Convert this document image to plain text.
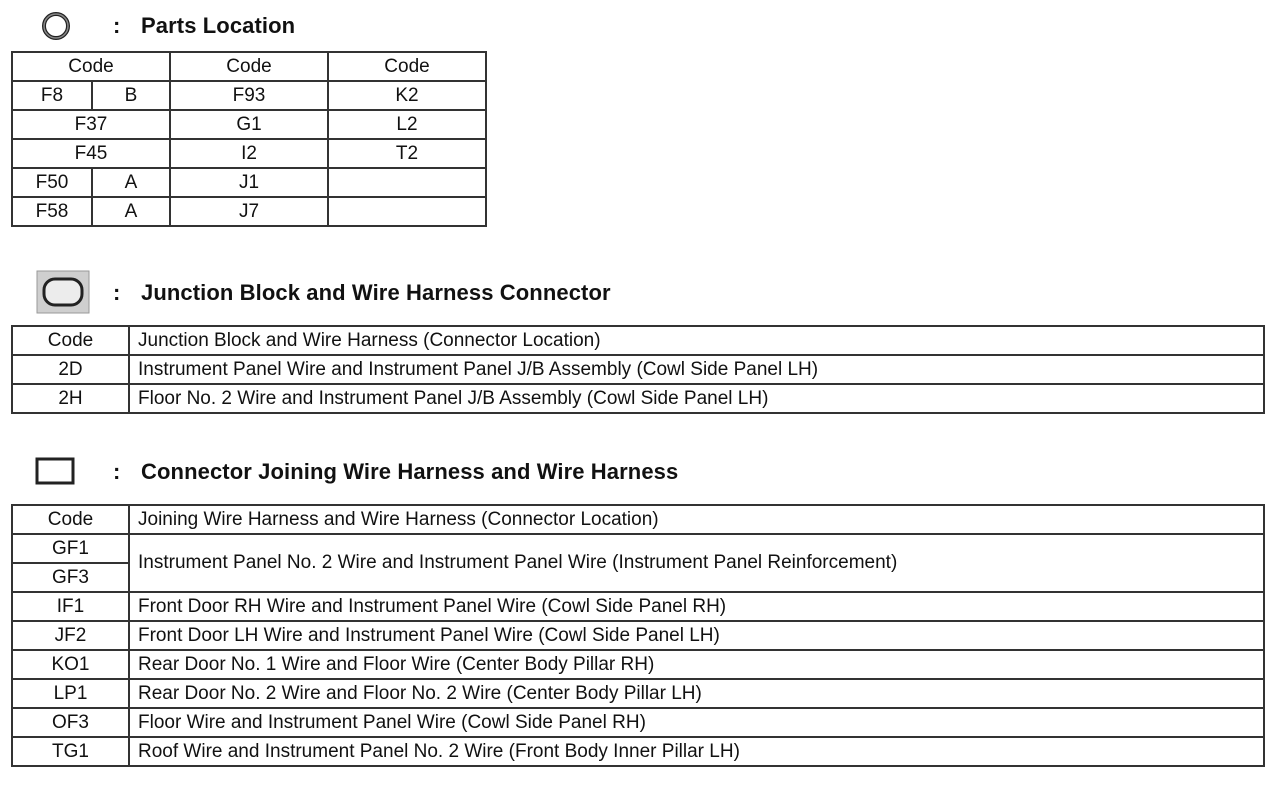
: Parts Location
Code		Code	Code
F8	B	F93	K2
F37		G1	L2
F45		I2	T2
F50	A	J1	
F58	A	J7	
: Junction Block and Wire Harness Connector
Code	Junction Block and Wire Harness (Connector Location)
2D	Instrument Panel Wire and Instrument Panel J/B Assembly (Cowl Side Panel LH)
2H	Floor No. 2 Wire and Instrument Panel J/B Assembly (Cowl Side Panel LH)
: Connector Joining Wire Harness and Wire Harness
Code	Joining Wire Harness and Wire Harness (Connector Location)
GF1	Instrument Panel No. 2 Wire and Instrument Panel Wire (Instrument Panel Reinforcement)
GF3	
IF1	Front Door RH Wire and Instrument Panel Wire (Cowl Side Panel RH)
JF2	Front Door LH Wire and Instrument Panel Wire (Cowl Side Panel LH)
KO1	Rear Door No. 1 Wire and Floor Wire (Center Body Pillar RH)
LP1	Rear Door No. 2 Wire and Floor No. 2 Wire (Center Body Pillar LH)
OF3	Floor Wire and Instrument Panel Wire (Cowl Side Panel RH)
TG1	Roof Wire and Instrument Panel No. 2 Wire (Front Body Inner Pillar LH)
